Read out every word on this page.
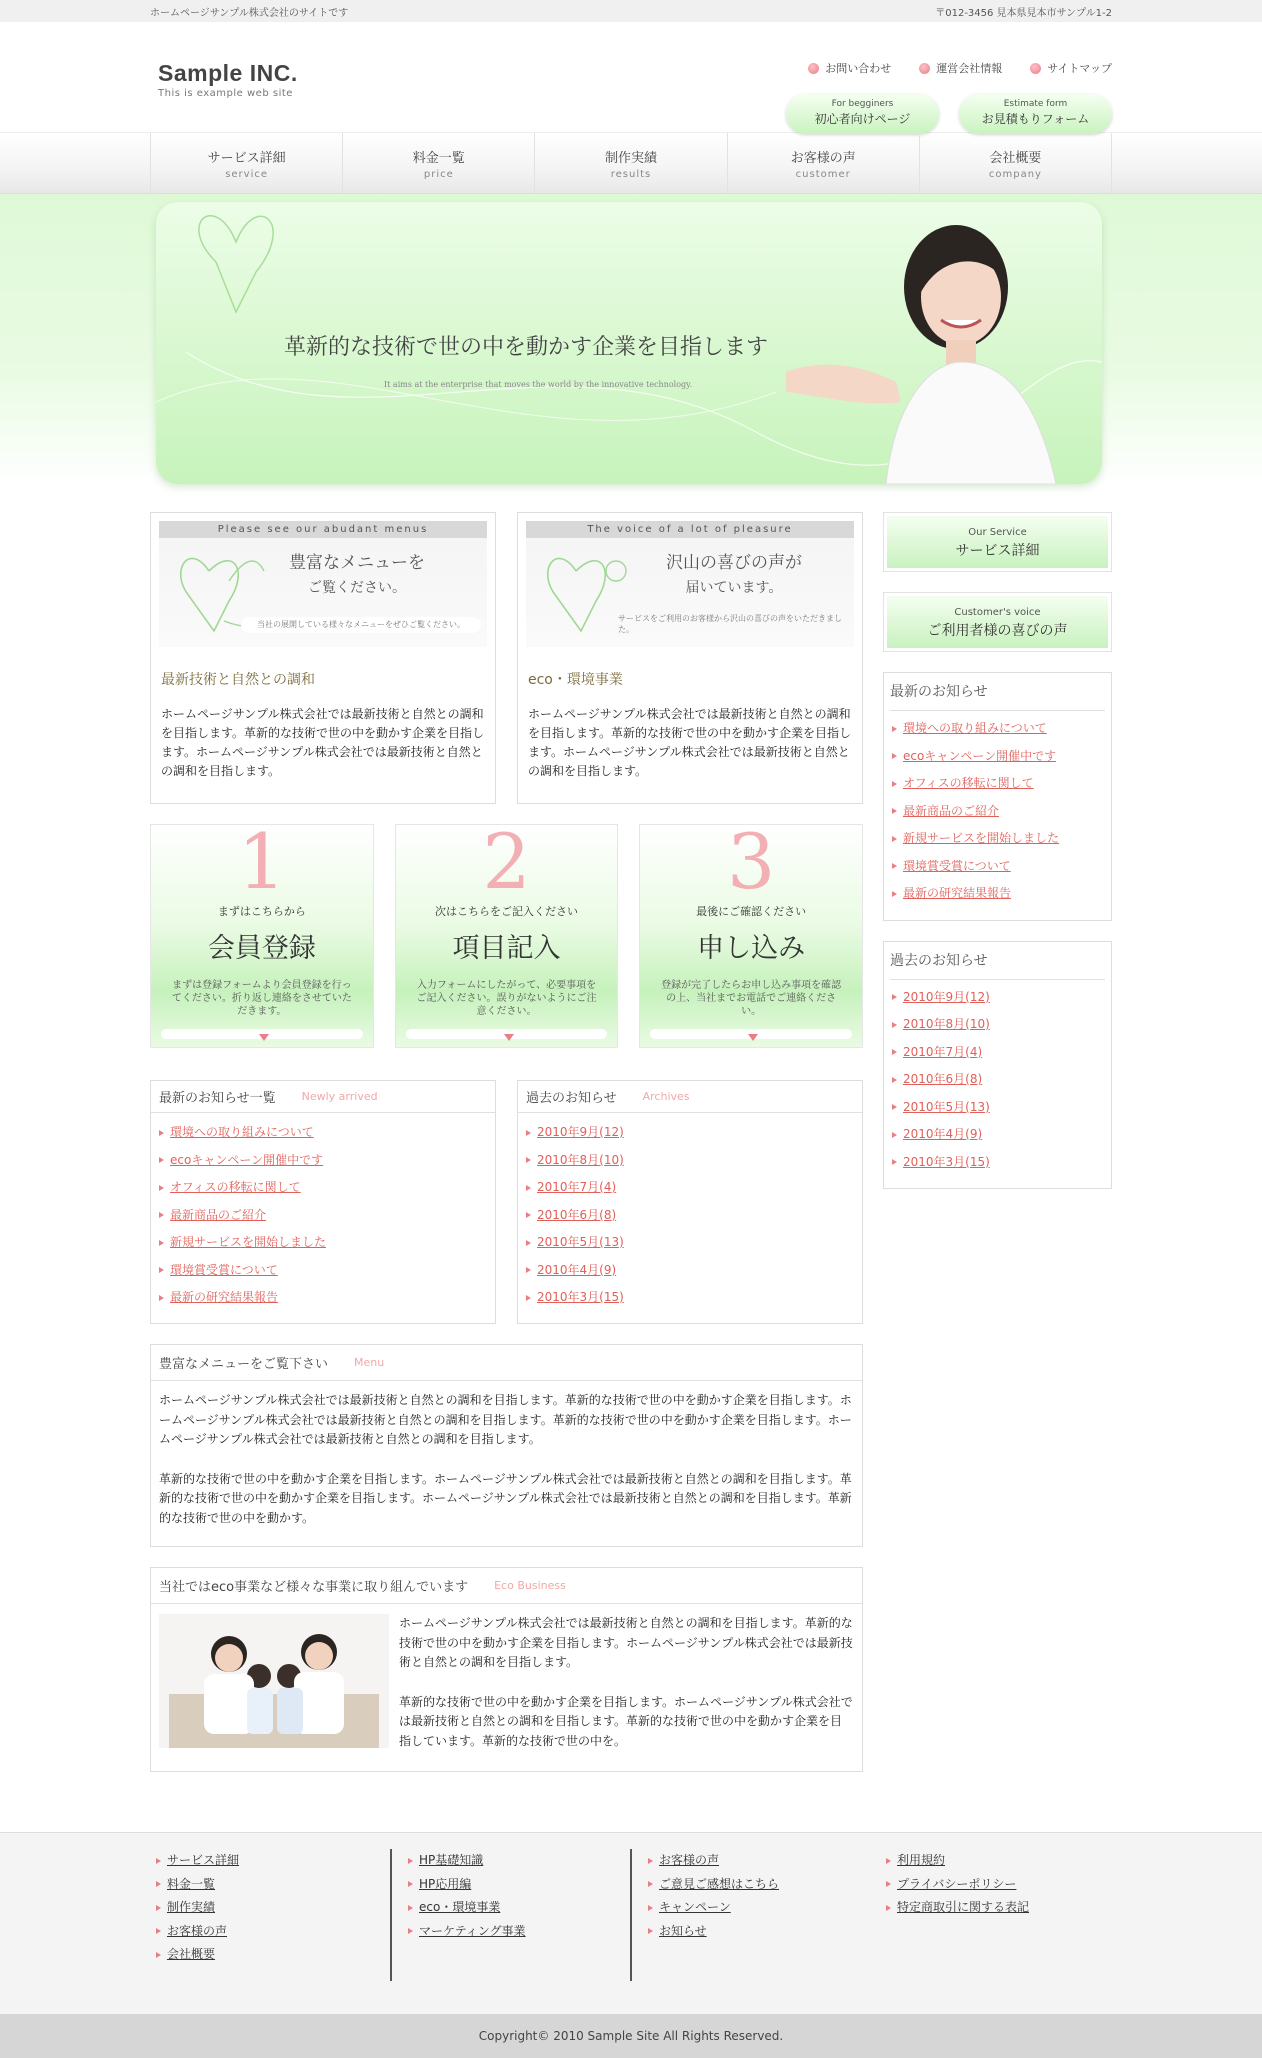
ホームページサンプル株式会社のサイトです	〒012-3456 見本県見本市サンプル1-2
Sample INC.
This is example web site
お問い合わせ	運営会社情報	サイトマップ
For begginers
初心者向けページ
Estimate form
お見積もりフォーム
サービス詳細
service
料金一覧
price
制作実績
results
お客様の声
customer
会社概要
company
革新的な技術で世の中を動かす企業を目指します
It aims at the enterprise that moves the world by the innovative technology.
Please see our abudant menus
豊富なメニューを
ご覧ください。
当社の展開している様々なメニューをぜひご覧ください。
最新技術と自然との調和

ホームページサンプル株式会社では最新技術と自然との調和を目指します。革新的な技術で世の中を動かす企業を目指します。ホームページサンプル株式会社では最新技術と自然との調和を目指します。

The voice of a lot of pleasure
沢山の喜びの声が
届いています。
サービスをご利用のお客様から沢山の喜びの声をいただきました。
eco・環境事業

ホームページサンプル株式会社では最新技術と自然との調和を目指します。革新的な技術で世の中を動かす企業を目指します。ホームページサンプル株式会社では最新技術と自然との調和を目指します。

1
まずはこちらから
会員登録
まずは登録フォームより会員登録を行ってください。折り返し連絡をさせていただきます。
2
次はこちらをご記入ください
項目記入
入力フォームにしたがって、必要事項をご記入ください。誤りがないようにご注意ください。
3
最後にご確認ください
申し込み
登録が完了したらお申し込み事項を確認の上、当社までお電話でご連絡ください。
最新のお知らせ一覧 Newly arrived
環境への取り組みについて
ecoキャンペーン開催中です
オフィスの移転に関して
最新商品のご紹介
新規サービスを開始しました
環境賞受賞について
最新の研究結果報告
過去のお知らせ Archives
2010年9月(12)
2010年8月(10)
2010年7月(4)
2010年6月(8)
2010年5月(13)
2010年4月(9)
2010年3月(15)
豊富なメニューをご覧下さい Menu

ホームページサンプル株式会社では最新技術と自然との調和を目指します。革新的な技術で世の中を動かす企業を目指します。ホームページサンプル株式会社では最新技術と自然との調和を目指します。革新的な技術で世の中を動かす企業を目指します。ホームページサンプル株式会社では最新技術と自然との調和を目指します。

革新的な技術で世の中を動かす企業を目指します。ホームページサンプル株式会社では最新技術と自然との調和を目指します。革新的な技術で世の中を動かす企業を目指します。ホームページサンプル株式会社では最新技術と自然との調和を目指します。革新的な技術で世の中を動かす。

当社ではeco事業など様々な事業に取り組んでいます Eco Business

ホームページサンプル株式会社では最新技術と自然との調和を目指します。革新的な技術で世の中を動かす企業を目指します。ホームページサンプル株式会社では最新技術と自然との調和を目指します。

革新的な技術で世の中を動かす企業を目指します。ホームページサンプル株式会社では最新技術と自然との調和を目指します。革新的な技術で世の中を動かす企業を目指しています。革新的な技術で世の中を。

Our Service
サービス詳細
Customer's voice
ご利用者様の喜びの声
最新のお知らせ
環境への取り組みについて
ecoキャンペーン開催中です
オフィスの移転に関して
最新商品のご紹介
新規サービスを開始しました
環境賞受賞について
最新の研究結果報告
過去のお知らせ
2010年9月(12)
2010年8月(10)
2010年7月(4)
2010年6月(8)
2010年5月(13)
2010年4月(9)
2010年3月(15)
サービス詳細
料金一覧
制作実績
お客様の声
会社概要
HP基礎知識
HP応用編
eco・環境事業
マーケティング事業
お客様の声
ご意見ご感想はこちら
キャンペーン
お知らせ
利用規約
プライバシーポリシー
特定商取引に関する表記
Copyright© 2010 Sample Site All Rights Reserved.
